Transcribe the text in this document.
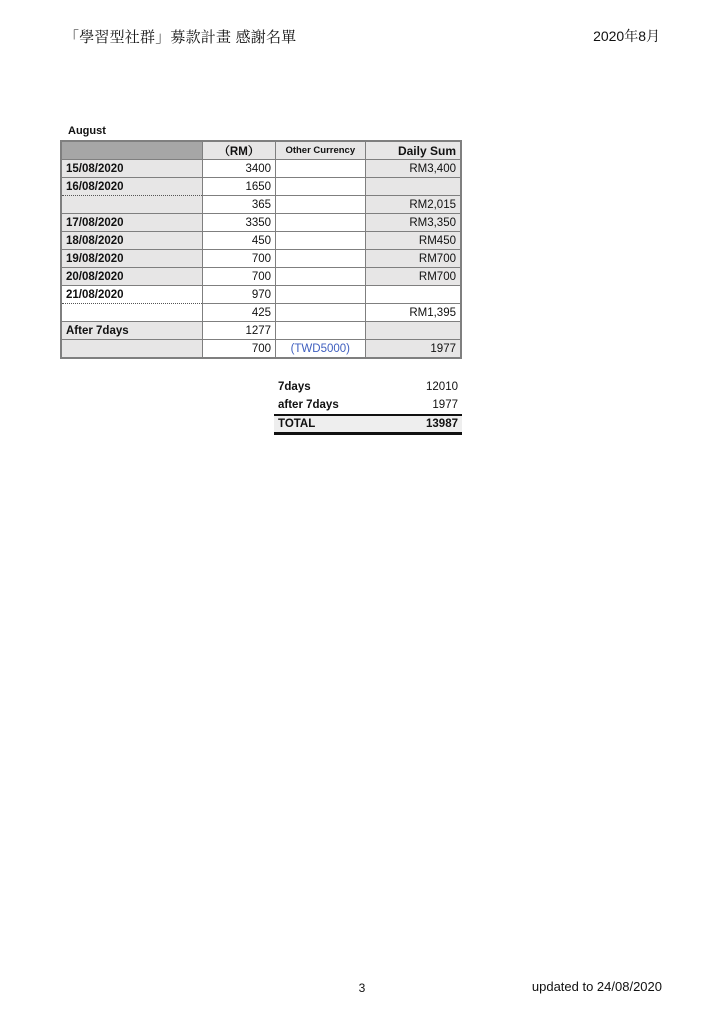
「學習型社群」募款計畫 感謝名單	2020年8月
August
	（RM）	Other Currency	Daily Sum
15/08/2020	3400		RM3,400
16/08/2020	1650		
	365		RM2,015
17/08/2020	3350		RM3,350
18/08/2020	450		RM450
19/08/2020	700		RM700
20/08/2020	700		RM700
21/08/2020	970		
	425		RM1,395
After 7days	1277		
	700	(TWD5000)	1977
7days	12010
after 7days	1977
TOTAL	13987
3	updated to 24/08/2020
